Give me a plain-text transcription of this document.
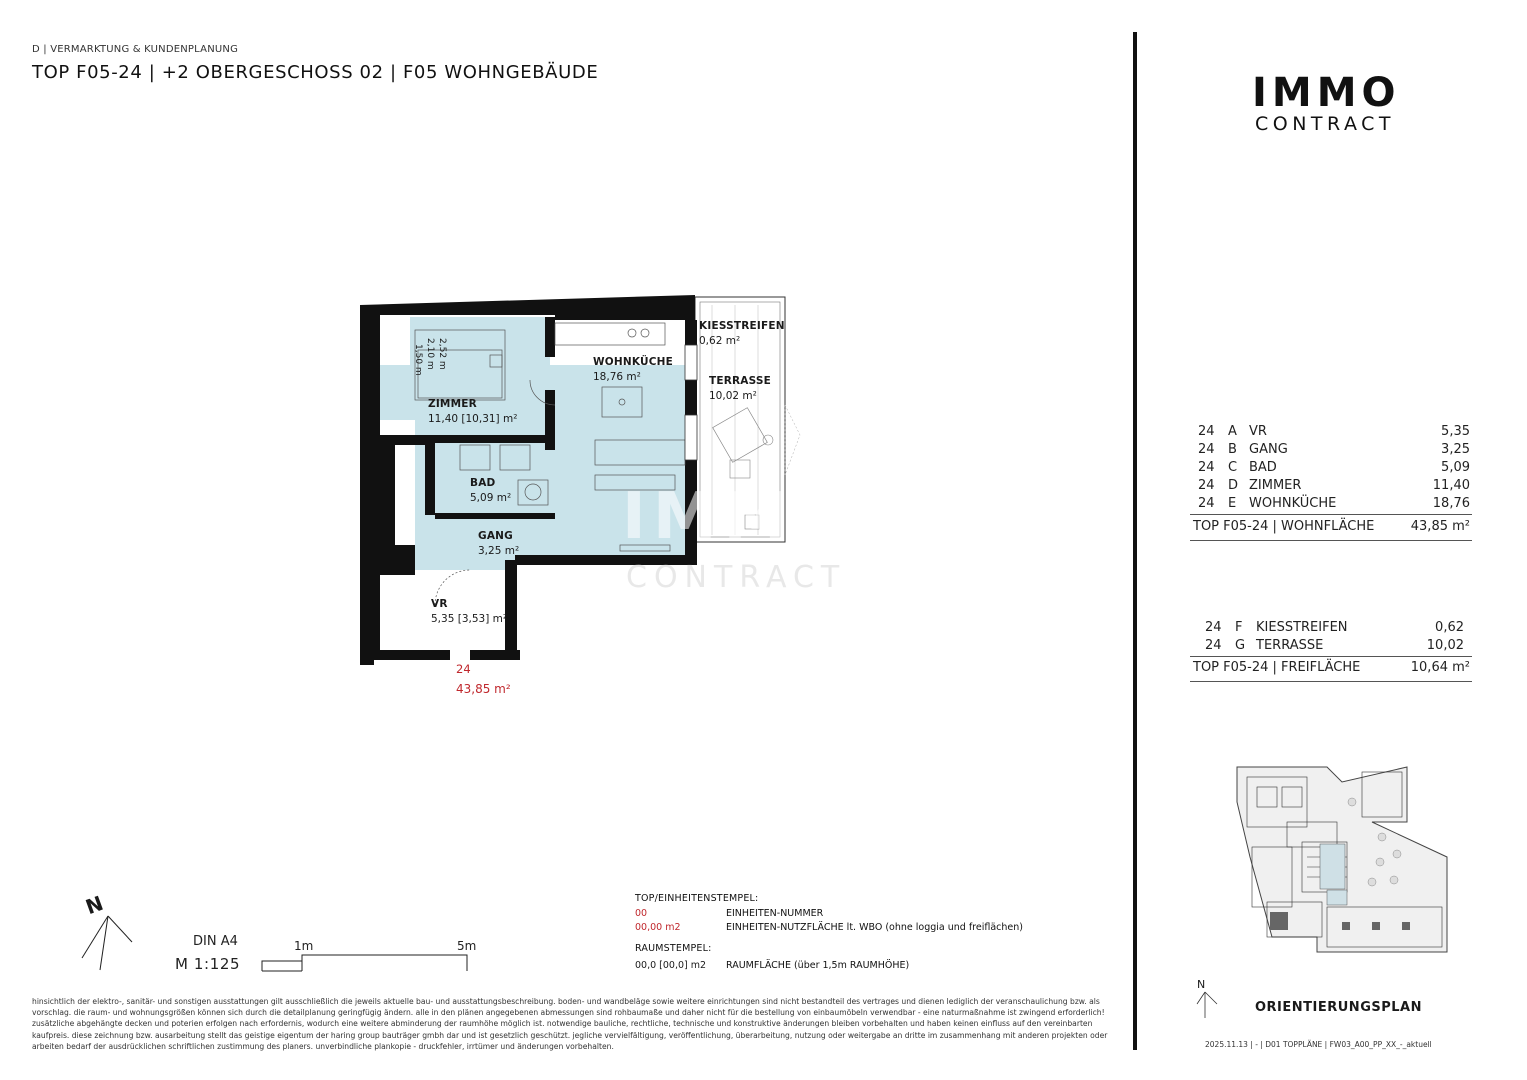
D | VERMARKTUNG & KUNDENPLANUNG
TOP F05-24 | +2 OBERGESCHOSS 02 | F05 WOHNGEBÄUDE	IMMO
CONTRACT
WOHNKÜCHE
18,76 m²
ZIMMER
11,40 [10,31] m²
BAD
5,09 m²
GANG
3,25 m²
VR
5,35 [3,53] m²
KIESSTREIFEN
0,62 m²
TERRASSE
10,02 m²
2,52 m
2,10 m
1,50 m
24
43,85 m²
IMMO
CONTRACT
24 A VR	5,35
24 B GANG	3,25
24 C BAD	5,09
24 D ZIMMER	11,40
24 E WOHNKÜCHE	18,76
TOP F05-24 | WOHNFLÄCHE	43,85 m²
24 F KIESSTREIFEN	0,62
24 G TERRASSE	10,02
TOP F05-24 | FREIFLÄCHE	10,64 m²
N
ORIENTIERUNGSPLAN
2025.11.13 | - | D01 TOPPLÄNE | FW03_A00_PP_XX_-_aktuell
N
DIN A4
M 1:125
1m	5m
TOP/EINHEITENSTEMPEL:
00	EINHEITEN-NUMMER
00,00 m2	EINHEITEN-NUTZFLÄCHE lt. WBO (ohne loggia und freiflächen)
RAUMSTEMPEL:
00,0 [00,0] m2 RAUMFLÄCHE (über 1,5m RAUMHÖHE)
hinsichtlich der elektro-, sanitär- und sonstigen ausstattungen gilt ausschließlich die jeweils aktuelle bau- und ausstattungsbeschreibung. boden- und wandbeläge sowie weitere einrichtungen sind nicht bestandteil des vertrages und dienen lediglich der veranschaulichung bzw. als vorschlag. die raum- und wohnungsgrößen können sich durch die detailplanung geringfügig ändern. alle in den plänen angegebenen abmessungen sind rohbaumaße und daher nicht für die bestellung von einbaumöbeln verwendbar - eine naturmaßnahme ist zwingend erforderlich! zusätzliche abgehängte decken und poterien erfolgen nach erfordernis, wodurch eine weitere abminderung der raumhöhe möglich ist. notwendige bauliche, rechtliche, technische und konstruktive änderungen bleiben vorbehalten und haben keinen einfluss auf den vereinbarten kaufpreis. diese zeichnung bzw. ausarbeitung stellt das geistige eigentum der haring group bauträger gmbh dar und ist gesetzlich geschützt. jegliche vervielfältigung, veröffentlichung, überarbeitung, nutzung oder weitergabe an dritte im zusammenhang mit anderen projekten oder arbeiten bedarf der ausdrücklichen schriftlichen zustimmung des planers. unverbindliche plankopie - druckfehler, irrtümer und änderungen vorbehalten.
